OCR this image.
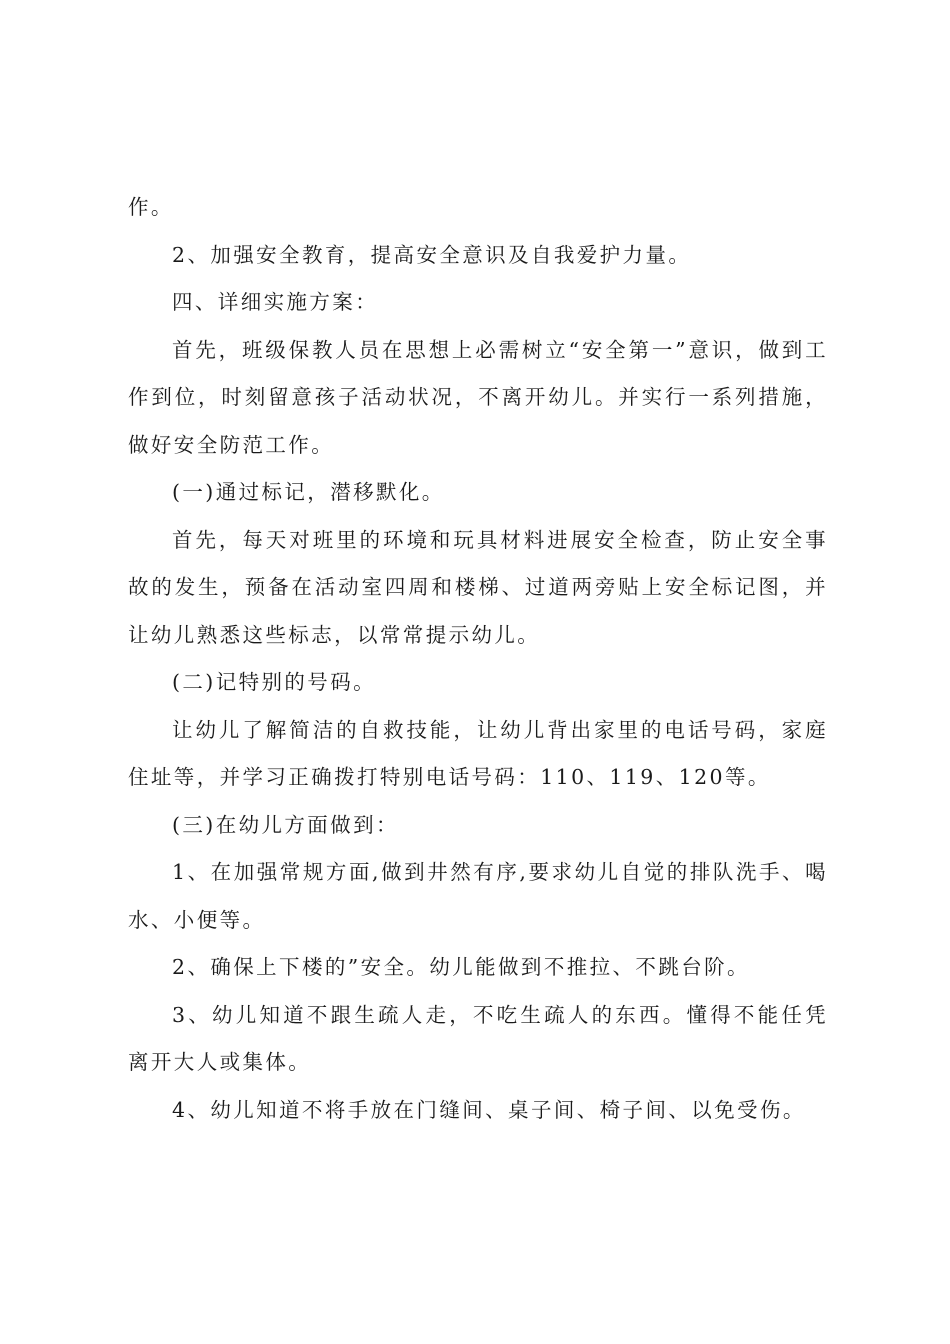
作。

2、加强安全教育，提高安全意识及自我爱护力量。

四、详细实施方案：

首先，班级保教人员在思想上必需树立“安全第一”意识，做到工作到位，时刻留意孩子活动状况，不离开幼儿。并实行一系列措施，做好安全防范工作。

(一)通过标记，潜移默化。

首先，每天对班里的环境和玩具材料进展安全检查，防止安全事故的发生，预备在活动室四周和楼梯、过道两旁贴上安全标记图，并让幼儿熟悉这些标志，以常常提示幼儿。

(二)记特别的号码。

让幼儿了解简洁的自救技能，让幼儿背出家里的电话号码，家庭住址等，并学习正确拨打特别电话号码：110、119、120等。

(三)在幼儿方面做到：

1、在加强常规方面,做到井然有序,要求幼儿自觉的排队洗手、喝水、小便等。

2、确保上下楼的”安全。幼儿能做到不推拉、不跳台阶。

3、幼儿知道不跟生疏人走，不吃生疏人的东西。懂得不能任凭离开大人或集体。

4、幼儿知道不将手放在门缝间、桌子间、椅子间、以免受伤。
